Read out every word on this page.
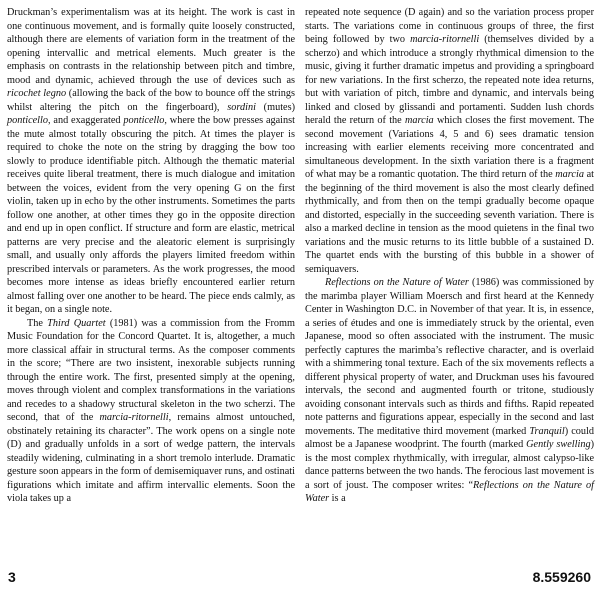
Druckman’s experimentalism was at its height. The work is cast in one continuous movement, and is formally quite loosely constructed, although there are elements of variation form in the treatment of the opening intervallic and metrical elements. Much greater is the emphasis on contrasts in the relationship between pitch and timbre, mood and dynamic, achieved through the use of devices such as ricochet legno (allowing the back of the bow to bounce off the strings whilst altering the pitch on the fingerboard), sordini (mutes) ponticello, and exaggerated ponticello, where the bow presses against the mute almost totally obscuring the pitch. At times the player is required to choke the note on the string by dragging the bow too slowly to produce identifiable pitch. Although the thematic material receives quite liberal treatment, there is much dialogue and imitation between the voices, evident from the very opening G on the first violin, taken up in echo by the other instruments. Sometimes the parts follow one another, at other times they go in the opposite direction and end up in open conflict. If structure and form are elastic, metrical patterns are very precise and the aleatoric element is surprisingly small, and usually only affords the players limited freedom within prescribed intervals or parameters. As the work progresses, the mood becomes more intense as ideas briefly encountered earlier return almost falling over one another to be heard. The piece ends calmly, as it began, on a single note.

The Third Quartet (1981) was a commission from the Fromm Music Foundation for the Concord Quartet. It is, altogether, a much more classical affair in structural terms. As the composer comments in the score; “There are two insistent, inexorable subjects running through the entire work. The first, presented simply at the opening, moves through violent and complex transformations in the variations and recedes to a shadowy structural skeleton in the two scherzi. The second, that of the marcia-ritornelli, remains almost untouched, obstinately retaining its character”. The work opens on a single note (D) and gradually unfolds in a sort of wedge pattern, the intervals steadily widening, culminating in a short tremolo interlude. Dramatic gesture soon appears in the form of demisemiquaver runs, and ostinati figurations which imitate and affirm intervallic elements. Soon the viola takes up a

repeated note sequence (D again) and so the variation process proper starts. The variations come in continuous groups of three, the first being followed by two marcia-ritornelli (themselves divided by a scherzo) and which introduce a strongly rhythmical dimension to the music, giving it further dramatic impetus and providing a springboard for new variations. In the first scherzo, the repeated note idea returns, but with variation of pitch, timbre and dynamic, and intervals being linked and closed by glissandi and portamenti. Sudden lush chords herald the return of the marcia which closes the first movement. The second movement (Variations 4, 5 and 6) sees dramatic tension increasing with earlier elements receiving more concentrated and simultaneous development. In the sixth variation there is a fragment of what may be a romantic quotation. The third return of the marcia at the beginning of the third movement is also the most clearly defined rhythmically, and from then on the tempi gradually become opaque and distorted, especially in the succeeding seventh variation. There is also a marked decline in tension as the mood quietens in the final two variations and the music returns to its little bubble of a sustained D. The quartet ends with the bursting of this bubble in a shower of semiquavers.

Reflections on the Nature of Water (1986) was commissioned by the marimba player William Moersch and first heard at the Kennedy Center in Washington D.C. in November of that year. It is, in essence, a series of études and one is immediately struck by the oriental, even Japanese, mood so often associated with the instrument. The music perfectly captures the marimba’s reflective character, and is overlaid with a shimmering tonal texture. Each of the six movements reflects a different physical property of water, and Druckman uses his favoured intervals, the second and augmented fourth or tritone, studiously avoiding consonant intervals such as thirds and fifths. Rapid repeated note patterns and figurations appear, especially in the second and last movements. The meditative third movement (marked Tranquil) could almost be a Japanese woodprint. The fourth (marked Gently swelling) is the most complex rhythmically, with irregular, almost calypso-like dance patterns between the two hands. The ferocious last movement is a sort of joust. The composer writes: “Reflections on the Nature of Water is a

3	8.559260
